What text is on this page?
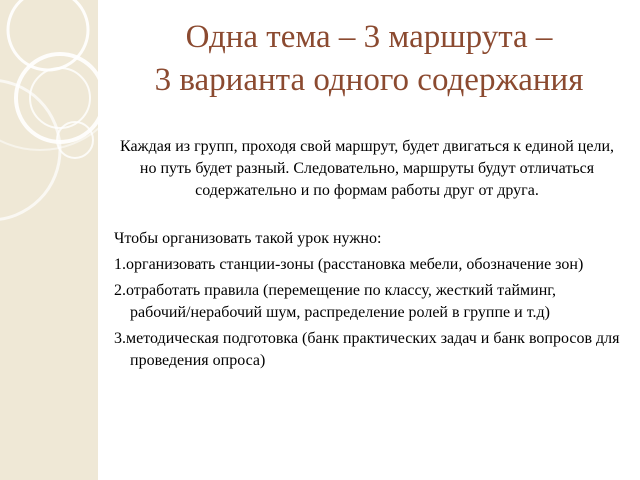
Одна тема – 3 маршрута –
3 варианта одного содержания

Каждая из групп, проходя свой маршрут, будет двигаться к единой цели, но путь будет разный. Следовательно, маршруты будут отличаться содержательно и по формам работы друг от друга.

Чтобы организовать такой урок нужно:

1.организовать станции-зоны (расстановка мебели, обозначение зон)

2.отработать правила (перемещение по классу, жесткий тайминг, рабочий/нерабочий шум, распределение ролей в группе и т.д)

3.методическая подготовка (банк практических задач и банк вопросов для проведения опроса)
